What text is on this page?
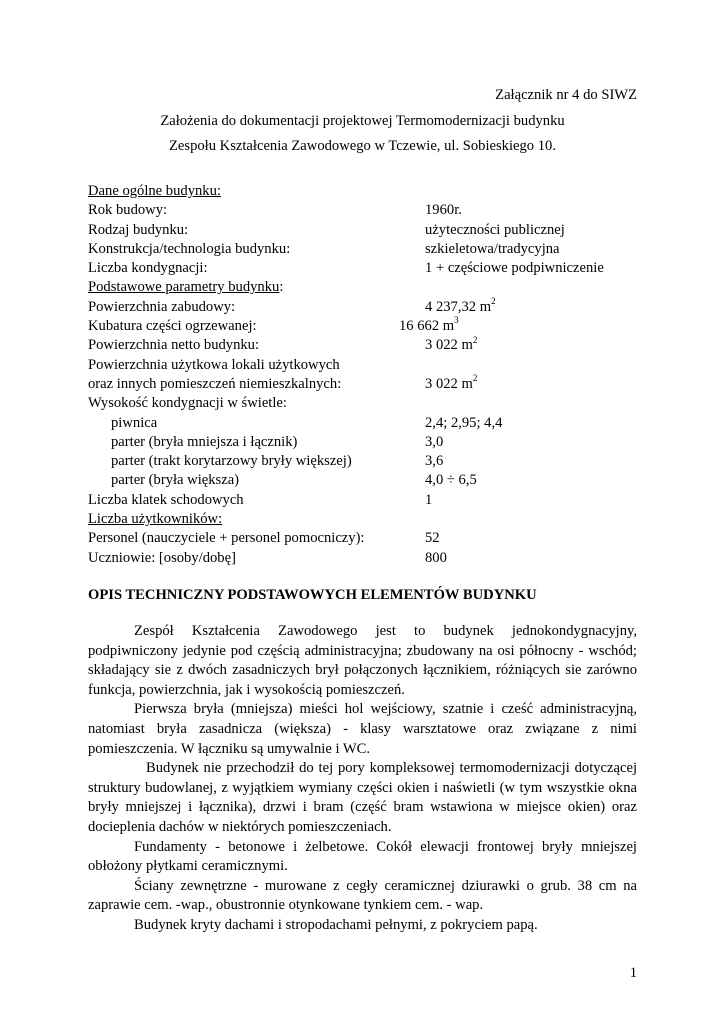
Załącznik nr 4 do SIWZ
Założenia do dokumentacji projektowej Termomodernizacji budynku
Zespołu Kształcenia Zawodowego w Tczewie, ul. Sobieskiego 10.
Dane ogólne budynku:
Rok budowy:	1960r.
Rodzaj budynku:	użyteczności publicznej
Konstrukcja/technologia budynku:	szkieletowa/tradycyjna
Liczba kondygnacji:	1 + częściowe podpiwniczenie
Podstawowe parametry budynku:
Powierzchnia zabudowy:	4 237,32 $m^2$
Kubatura części ogrzewanej:	16 662 $m^3$
Powierzchnia netto budynku:	3 022 $m^2$
Powierzchnia użytkowa lokali użytkowych
oraz innych pomieszczeń niemieszkalnych:	3 022 $m^2$
Wysokość kondygnacji w świetle:
piwnica	2,4; 2,95; 4,4
parter (bryła mniejsza i łącznik)	3,0
parter (trakt korytarzowy bryły większej)	3,6
parter (bryła większa)	4,0 ÷ 6,5
Liczba klatek schodowych	1
Liczba użytkowników:
Personel (nauczyciele + personel pomocniczy):	52
Uczniowie: [osoby/dobę]	800
OPIS TECHNICZNY PODSTAWOWYCH ELEMENTÓW BUDYNKU

Zespół Kształcenia Zawodowego jest to budynek jednokondygnacyjny, podpiwniczony jedynie pod częścią administracyjna; zbudowany na osi północny - wschód; składający sie z dwóch zasadniczych brył połączonych łącznikiem, różniących sie zarówno funkcja, powierzchnia, jak i wysokością pomieszczeń.

Pierwsza bryła (mniejsza) mieści hol wejściowy, szatnie i cześć administracyjną, natomiast bryła zasadnicza (większa) - klasy warsztatowe oraz związane z nimi pomieszczenia. W łączniku są umywalnie i WC.

Budynek nie przechodził do tej pory kompleksowej termomodernizacji dotyczącej struktury budowlanej, z wyjątkiem wymiany części okien i naświetli (w tym wszystkie okna bryły mniejszej i łącznika), drzwi i bram (część bram wstawiona w miejsce okien) oraz docieplenia dachów w niektórych pomieszczeniach.

Fundamenty - betonowe i żelbetowe. Cokół elewacji frontowej bryły mniejszej obłożony płytkami ceramicznymi.

Ściany zewnętrzne - murowane z cegły ceramicznej dziurawki o grub. 38 cm na zaprawie cem. -wap., obustronnie otynkowane tynkiem cem. - wap.

Budynek kryty dachami i stropodachami pełnymi, z pokryciem papą.

1
